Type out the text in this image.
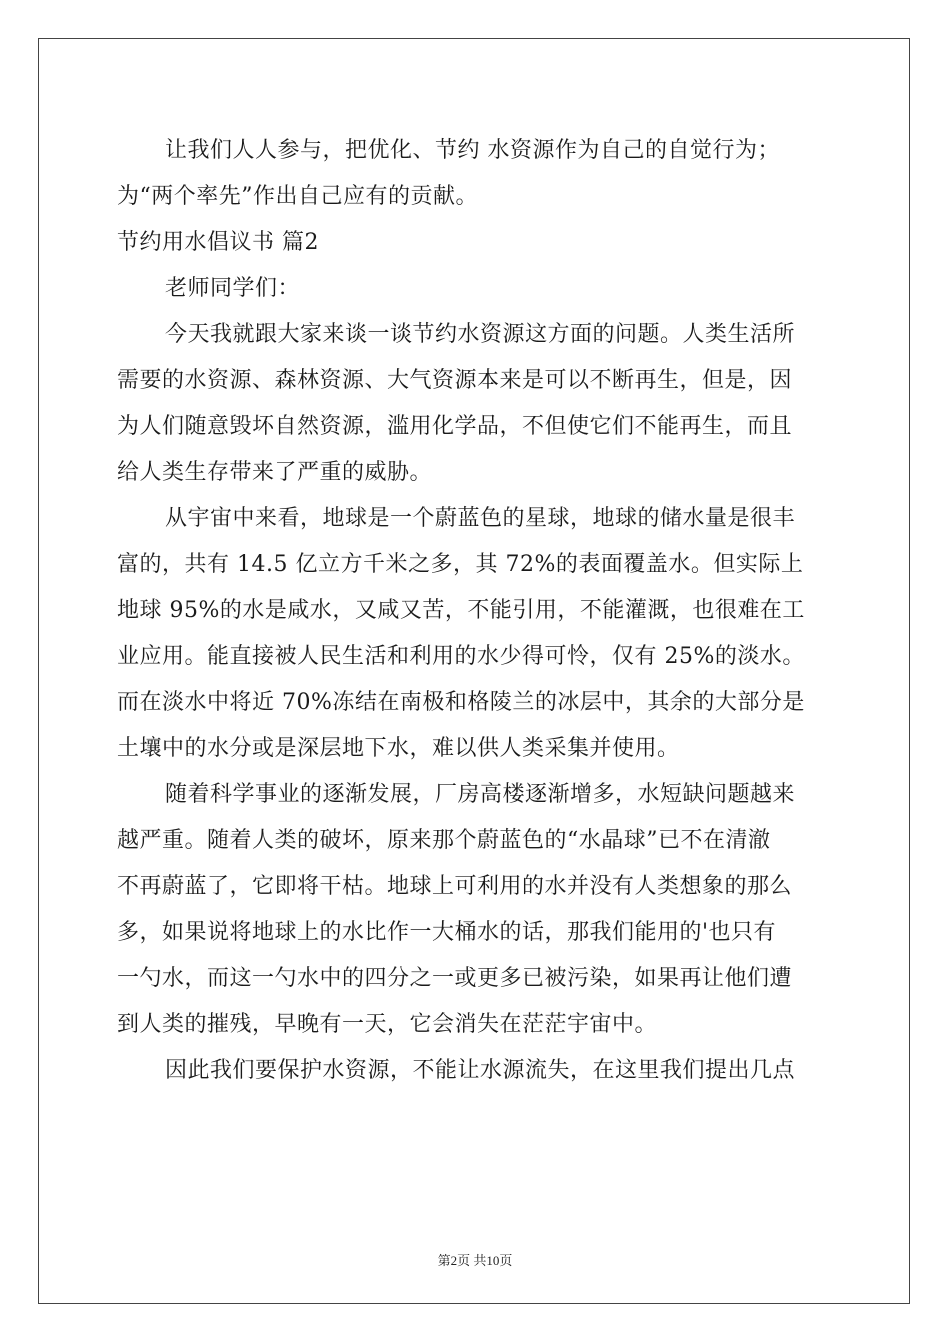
让我们人人参与，把优化、节约 水资源作为自己的自觉行为；
为“两个率先”作出自己应有的贡献。
节约用水倡议书 篇2
老师同学们：
今天我就跟大家来谈一谈节约水资源这方面的问题。人类生活所
需要的水资源、森林资源、大气资源本来是可以不断再生，但是，因
为人们随意毁坏自然资源，滥用化学品，不但使它们不能再生，而且
给人类生存带来了严重的威胁。
从宇宙中来看，地球是一个蔚蓝色的星球，地球的储水量是很丰
富的，共有 14.5 亿立方千米之多，其 72%的表面覆盖水。但实际上
地球 95%的水是咸水，又咸又苦，不能引用，不能灌溉，也很难在工
业应用。能直接被人民生活和利用的水少得可怜，仅有 25%的淡水。
而在淡水中将近 70%冻结在南极和格陵兰的冰层中，其余的大部分是
土壤中的水分或是深层地下水，难以供人类采集并使用。
随着科学事业的逐渐发展，厂房高楼逐渐增多，水短缺问题越来
越严重。随着人类的破坏，原来那个蔚蓝色的“水晶球”已不在清澈
不再蔚蓝了，它即将干枯。地球上可利用的水并没有人类想象的那么
多，如果说将地球上的水比作一大桶水的话，那我们能用的'也只有
一勺水，而这一勺水中的四分之一或更多已被污染，如果再让他们遭
到人类的摧残，早晚有一天，它会消失在茫茫宇宙中。
因此我们要保护水资源，不能让水源流失，在这里我们提出几点
第2页 共10页
